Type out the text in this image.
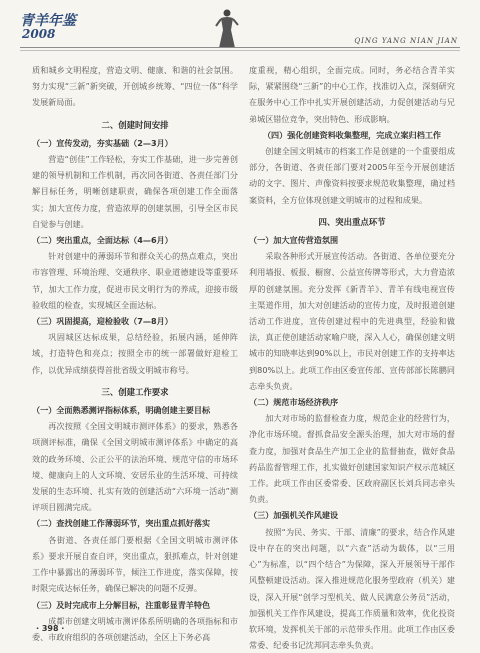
青羊年鉴
2008	QING YANG NIAN JIAN

质和城乡文明程度，营造文明、健康、和谐的社会氛围。努力实现“三新”新突破，开创城乡统筹、“四位一体”科学发展新局面。

二、创建时间安排
（一）宣传发动，夯实基础（2—3月）

营造“创佳”工作轻松，夯实工作基础，进一步完善创建的领导机制和工作机制，再次同各街道、各责任部门分解目标任务，明晰创建职责，确保各项创建工作全面落实；加大宣传力度，营造浓厚的创建氛围，引导全区市民自觉参与创建。

（二）突出重点，全面达标（4—6月）

针对创建中的薄弱环节和群众关心的热点难点，突出市容管理、环境治理、交通秩序、职业道德建设等重要环节，加大工作力度，促进市民文明行为的养成，迎接市级验收组的检查，实现城区全面达标。

（三）巩固提高，迎检验收（7—8月）

巩固城区达标成果，总结经验，拓展内涵，延伸阵域，打造特色和亮点；按照全市的统一部署做好迎检工作，以优异成绩获得首批省级文明城市称号。

三、创建工作要求
（一）全面熟悉测评指标体系，明确创建主要目标

再次按照《全国文明城市测评体系》的要求，熟悉各项测评标准，确保《全国文明城市测评体系》中确定的高效的政务环境、公正公平的法治环境、规范守信的市场环境、健康向上的人文环境、安居乐业的生活环境、可持续发展的生态环境、扎实有效的创建活动“六环境一活动”测评项目圆满完成。

（二）查找创建工作薄弱环节，突出重点抓好落实

各街道、各责任部门要根据《全国文明城市测评体系》要求开展自查自评，突出重点，狠抓难点，针对创建工作中暴露出的薄弱环节，倾注工作进度，落实保障，按时限完成达标任务，确保已解决的问题不反弹。

（三）及时完成市上分解目标，注重彰显青羊特色

成都市创建文明城市测评体系所明确的各项指标和市委、市政府组织的各项创建活动，全区上下务必高

度重视，精心组织，全面完成。同时，务必结合青羊实际，紧紧围绕“三新”的中心工作，找准切入点，深刻研究在服务中心工作中扎实开展创建活动，力促创建活动与兄弟城区错位竞争，突出特色、形成影响。

（四）强化创建资料收集整理，完成立案归档工作

创建全国文明城市的档案工作是创建的一个重要组成部分，各街道、各责任部门要对2005年至今开展创建活动的文字、图片、声像资料按要求规范收集整理，确过档案资料，全方位体现创建文明城市的过程和成果。

四、突出重点环节
（一）加大宣传营造氛围

采取各种形式开展宣传活动。各街道、各单位要充分利用墙报、板报、橱窗、公益宣传牌等形式，大力营造浓厚的创建氛围。充分发挥《新青羊》、青羊有线电视宣传主渠道作用，加大对创建活动的宣传力度，及时报道创建活动工作进度，宣传创建过程中的先进典型，经验和做法，真正使创建活动家喻户晓，深入人心，确保创建文明城市的知晓率达到90%以上，市民对创建工作的支持率达到80%以上。此项工作由区委宣传部、宣传部部长陈鹏同志牵头负责。

（二）规范市场经济秩序

加大对市场的监督检查力度，规范企业的经营行为，净化市场环境。督抓食品安全源头治理，加大对市场的督查力度，加强对食品生产加工企业的监督抽查，做好食品药品监督管理工作，扎实做好创建国家知识产权示范城区工作。此项工作由区委常委、区政府副区长刘兵同志牵头负责。

（三）加强机关作风建设

按照“为民、务实、干部、清廉”的要求，结合作风建设中存在的突出问题，以“六查”活动为载体，以“三用心”为标准，以“四个结合”为保障，深入开展领导干部作风整顿建设活动。深入推进规范化服务型政府（机关）建设，深入开展“创学习型机关、做人民满意公务员”活动，加强机关工作作风建设，提高工作质量和效率，优化投资软环境，发挥机关干部的示范带头作用。此项工作由区委常委、纪委书记沈邦同志牵头负责。

· 398 ·
